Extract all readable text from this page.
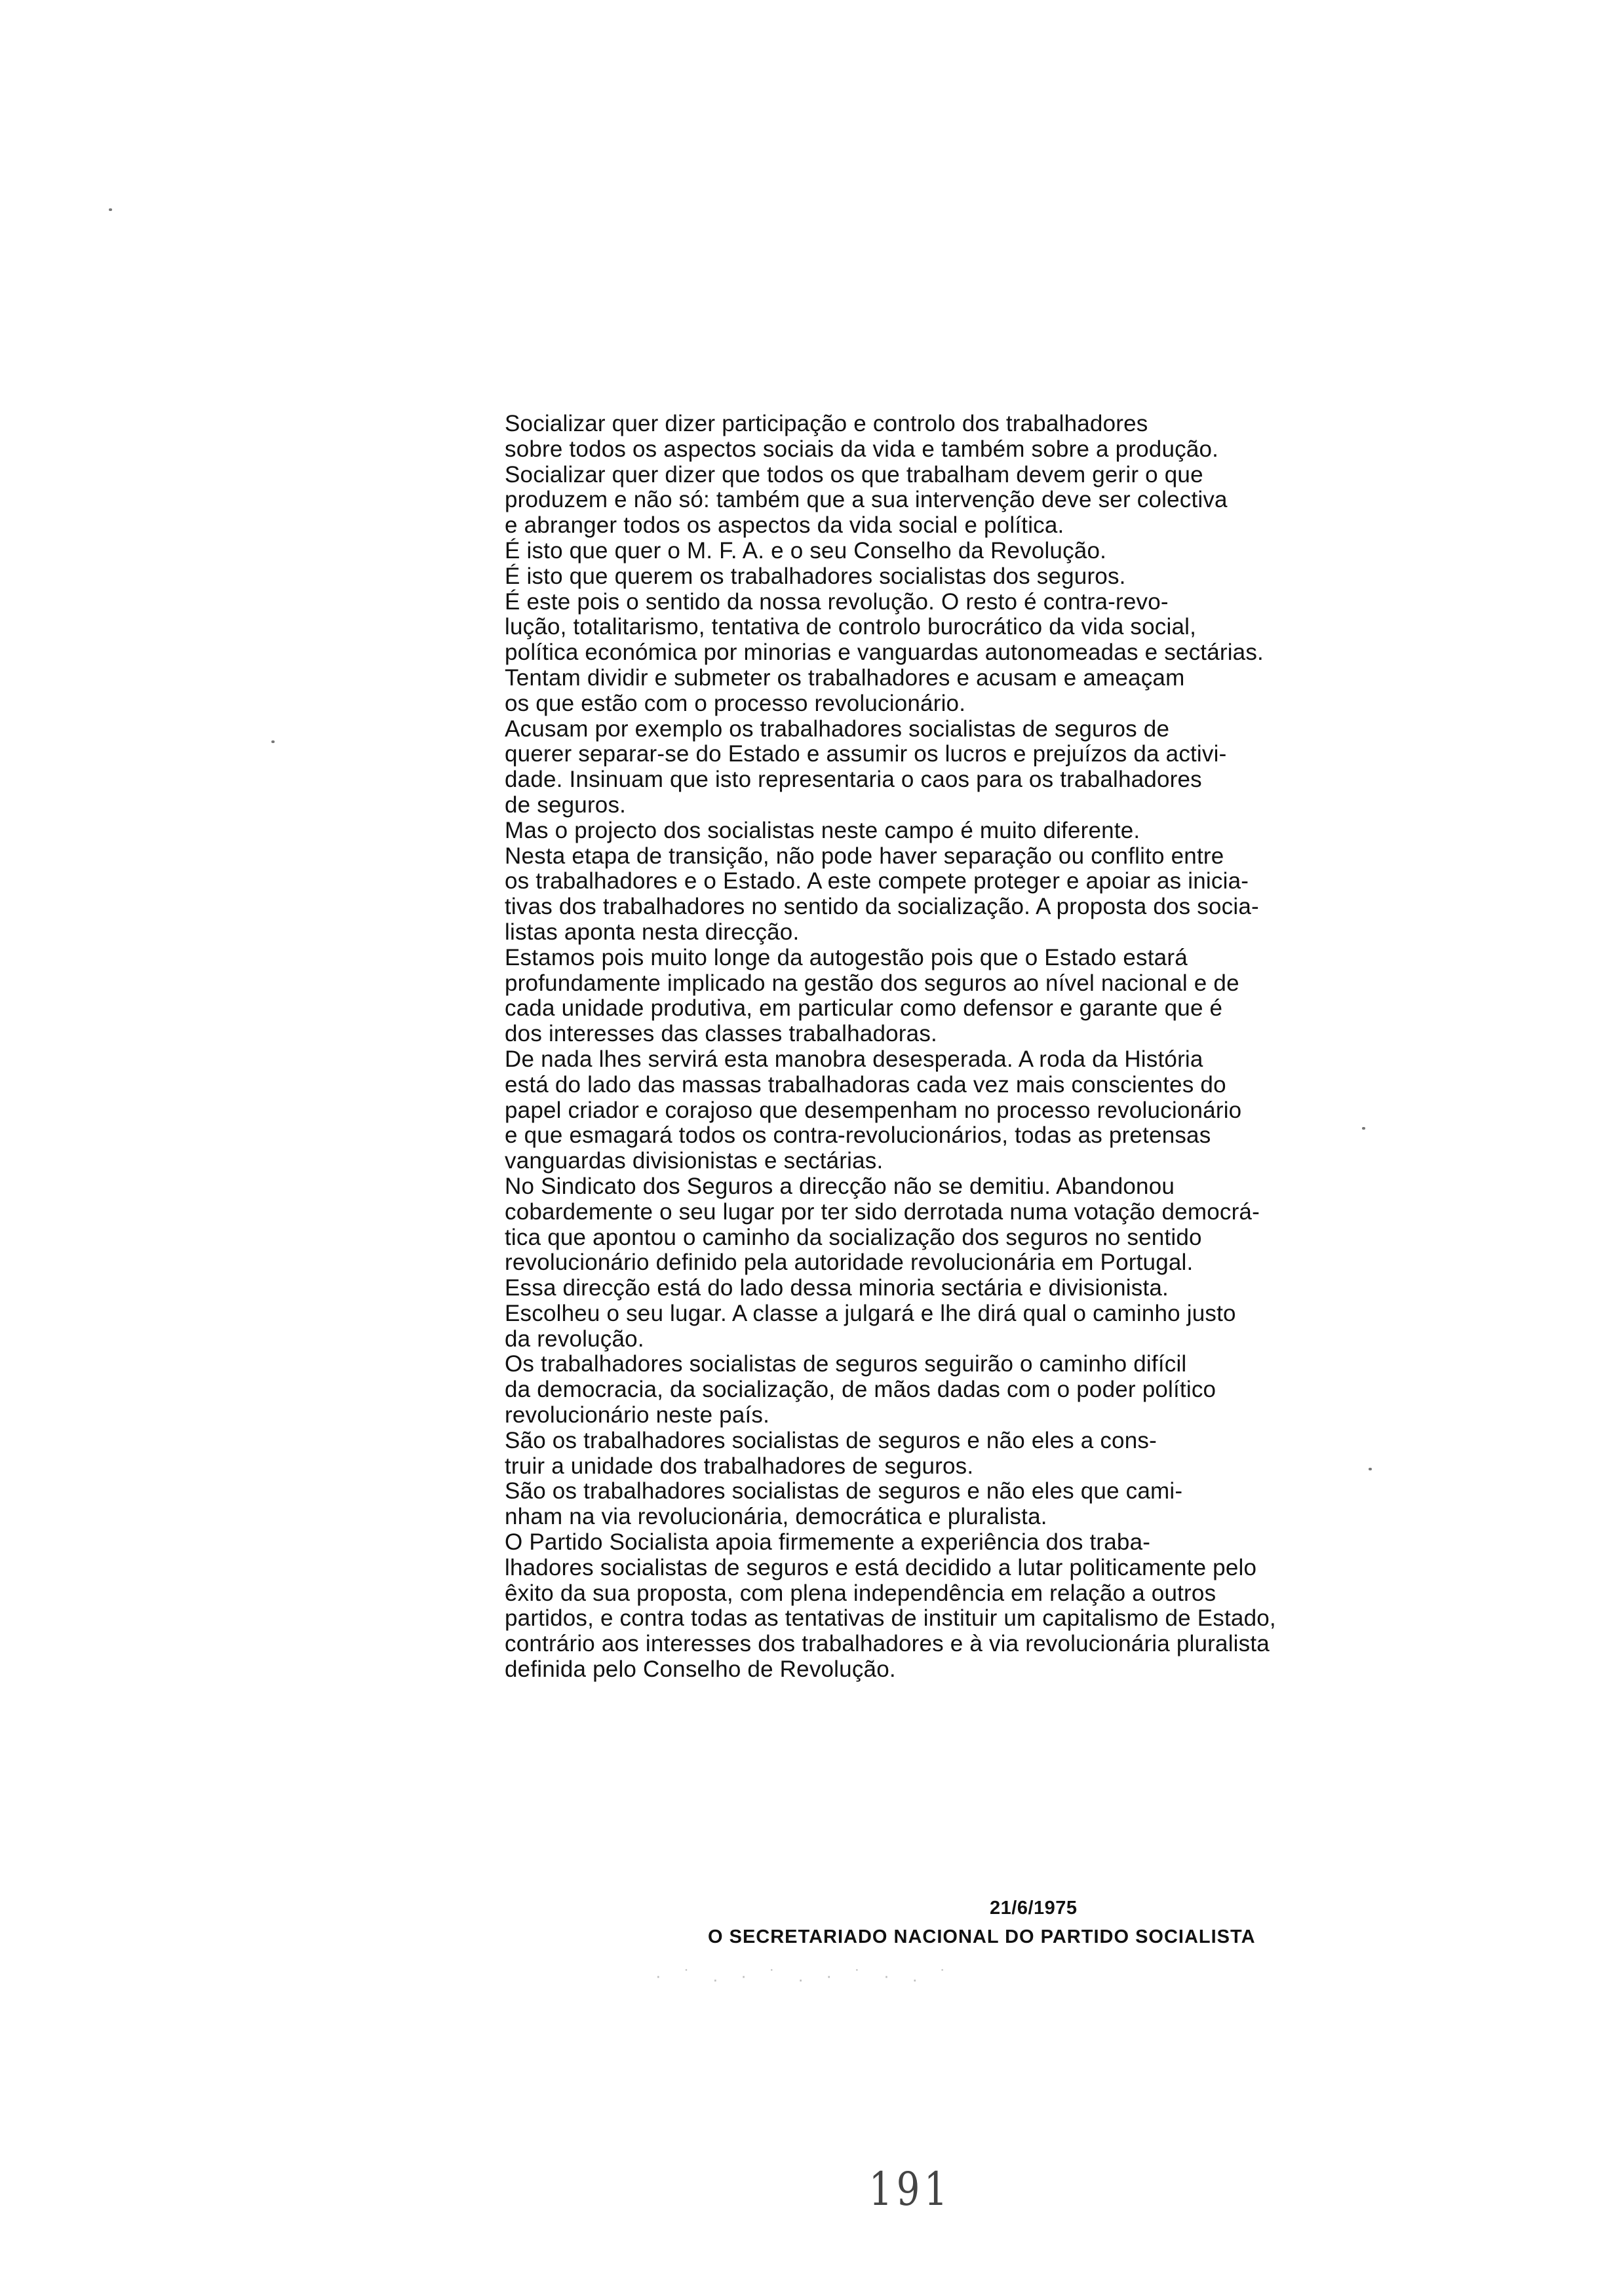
Socializar quer dizer participação e controlo dos trabalhadores
sobre todos os aspectos sociais da vida e também sobre a produção.
Socializar quer dizer que todos os que trabalham devem gerir o que
produzem e não só: também que a sua intervenção deve ser colectiva
e abranger todos os aspectos da vida social e política.

É isto que quer o M. F. A. e o seu Conselho da Revolução.

É isto que querem os trabalhadores socialistas dos seguros.

É este pois o sentido da nossa revolução. O resto é contra-revo-
lução, totalitarismo, tentativa de controlo burocrático da vida social,
política económica por minorias e vanguardas autonomeadas e sectárias.

Tentam dividir e submeter os trabalhadores e acusam e ameaçam
os que estão com o processo revolucionário.

Acusam por exemplo os trabalhadores socialistas de seguros de
querer separar-se do Estado e assumir os lucros e prejuízos da activi-
dade. Insinuam que isto representaria o caos para os trabalhadores
de seguros.

Mas o projecto dos socialistas neste campo é muito diferente.
Nesta etapa de transição, não pode haver separação ou conflito entre
os trabalhadores e o Estado. A este compete proteger e apoiar as inicia-
tivas dos trabalhadores no sentido da socialização. A proposta dos socia-
listas aponta nesta direcção.

Estamos pois muito longe da autogestão pois que o Estado estará
profundamente implicado na gestão dos seguros ao nível nacional e de
cada unidade produtiva, em particular como defensor e garante que é
dos interesses das classes trabalhadoras.

De nada lhes servirá esta manobra desesperada. A roda da História
está do lado das massas trabalhadoras cada vez mais conscientes do
papel criador e corajoso que desempenham no processo revolucionário
e que esmagará todos os contra-revolucionários, todas as pretensas
vanguardas divisionistas e sectárias.

No Sindicato dos Seguros a direcção não se demitiu. Abandonou
cobardemente o seu lugar por ter sido derrotada numa votação democrá-
tica que apontou o caminho da socialização dos seguros no sentido
revolucionário definido pela autoridade revolucionária em Portugal.

Essa direcção está do lado dessa minoria sectária e divisionista.
Escolheu o seu lugar. A classe a julgará e lhe dirá qual o caminho justo
da revolução.

Os trabalhadores socialistas de seguros seguirão o caminho difícil
da democracia, da socialização, de mãos dadas com o poder político
revolucionário neste país.

São os trabalhadores socialistas de seguros e não eles a cons-
truir a unidade dos trabalhadores de seguros.

São os trabalhadores socialistas de seguros e não eles que cami-
nham na via revolucionária, democrática e pluralista.

O Partido Socialista apoia firmemente a experiência dos traba-
lhadores socialistas de seguros e está decidido a lutar politicamente pelo
êxito da sua proposta, com plena independência em relação a outros
partidos, e contra todas as tentativas de instituir um capitalismo de Estado,
contrário aos interesses dos trabalhadores e à via revolucionária pluralista
definida pelo Conselho de Revolução.

21/6/1975
O SECRETARIADO NACIONAL DO PARTIDO SOCIALISTA
· ˙ . · ˙ . · ˙ · . ˙
191
